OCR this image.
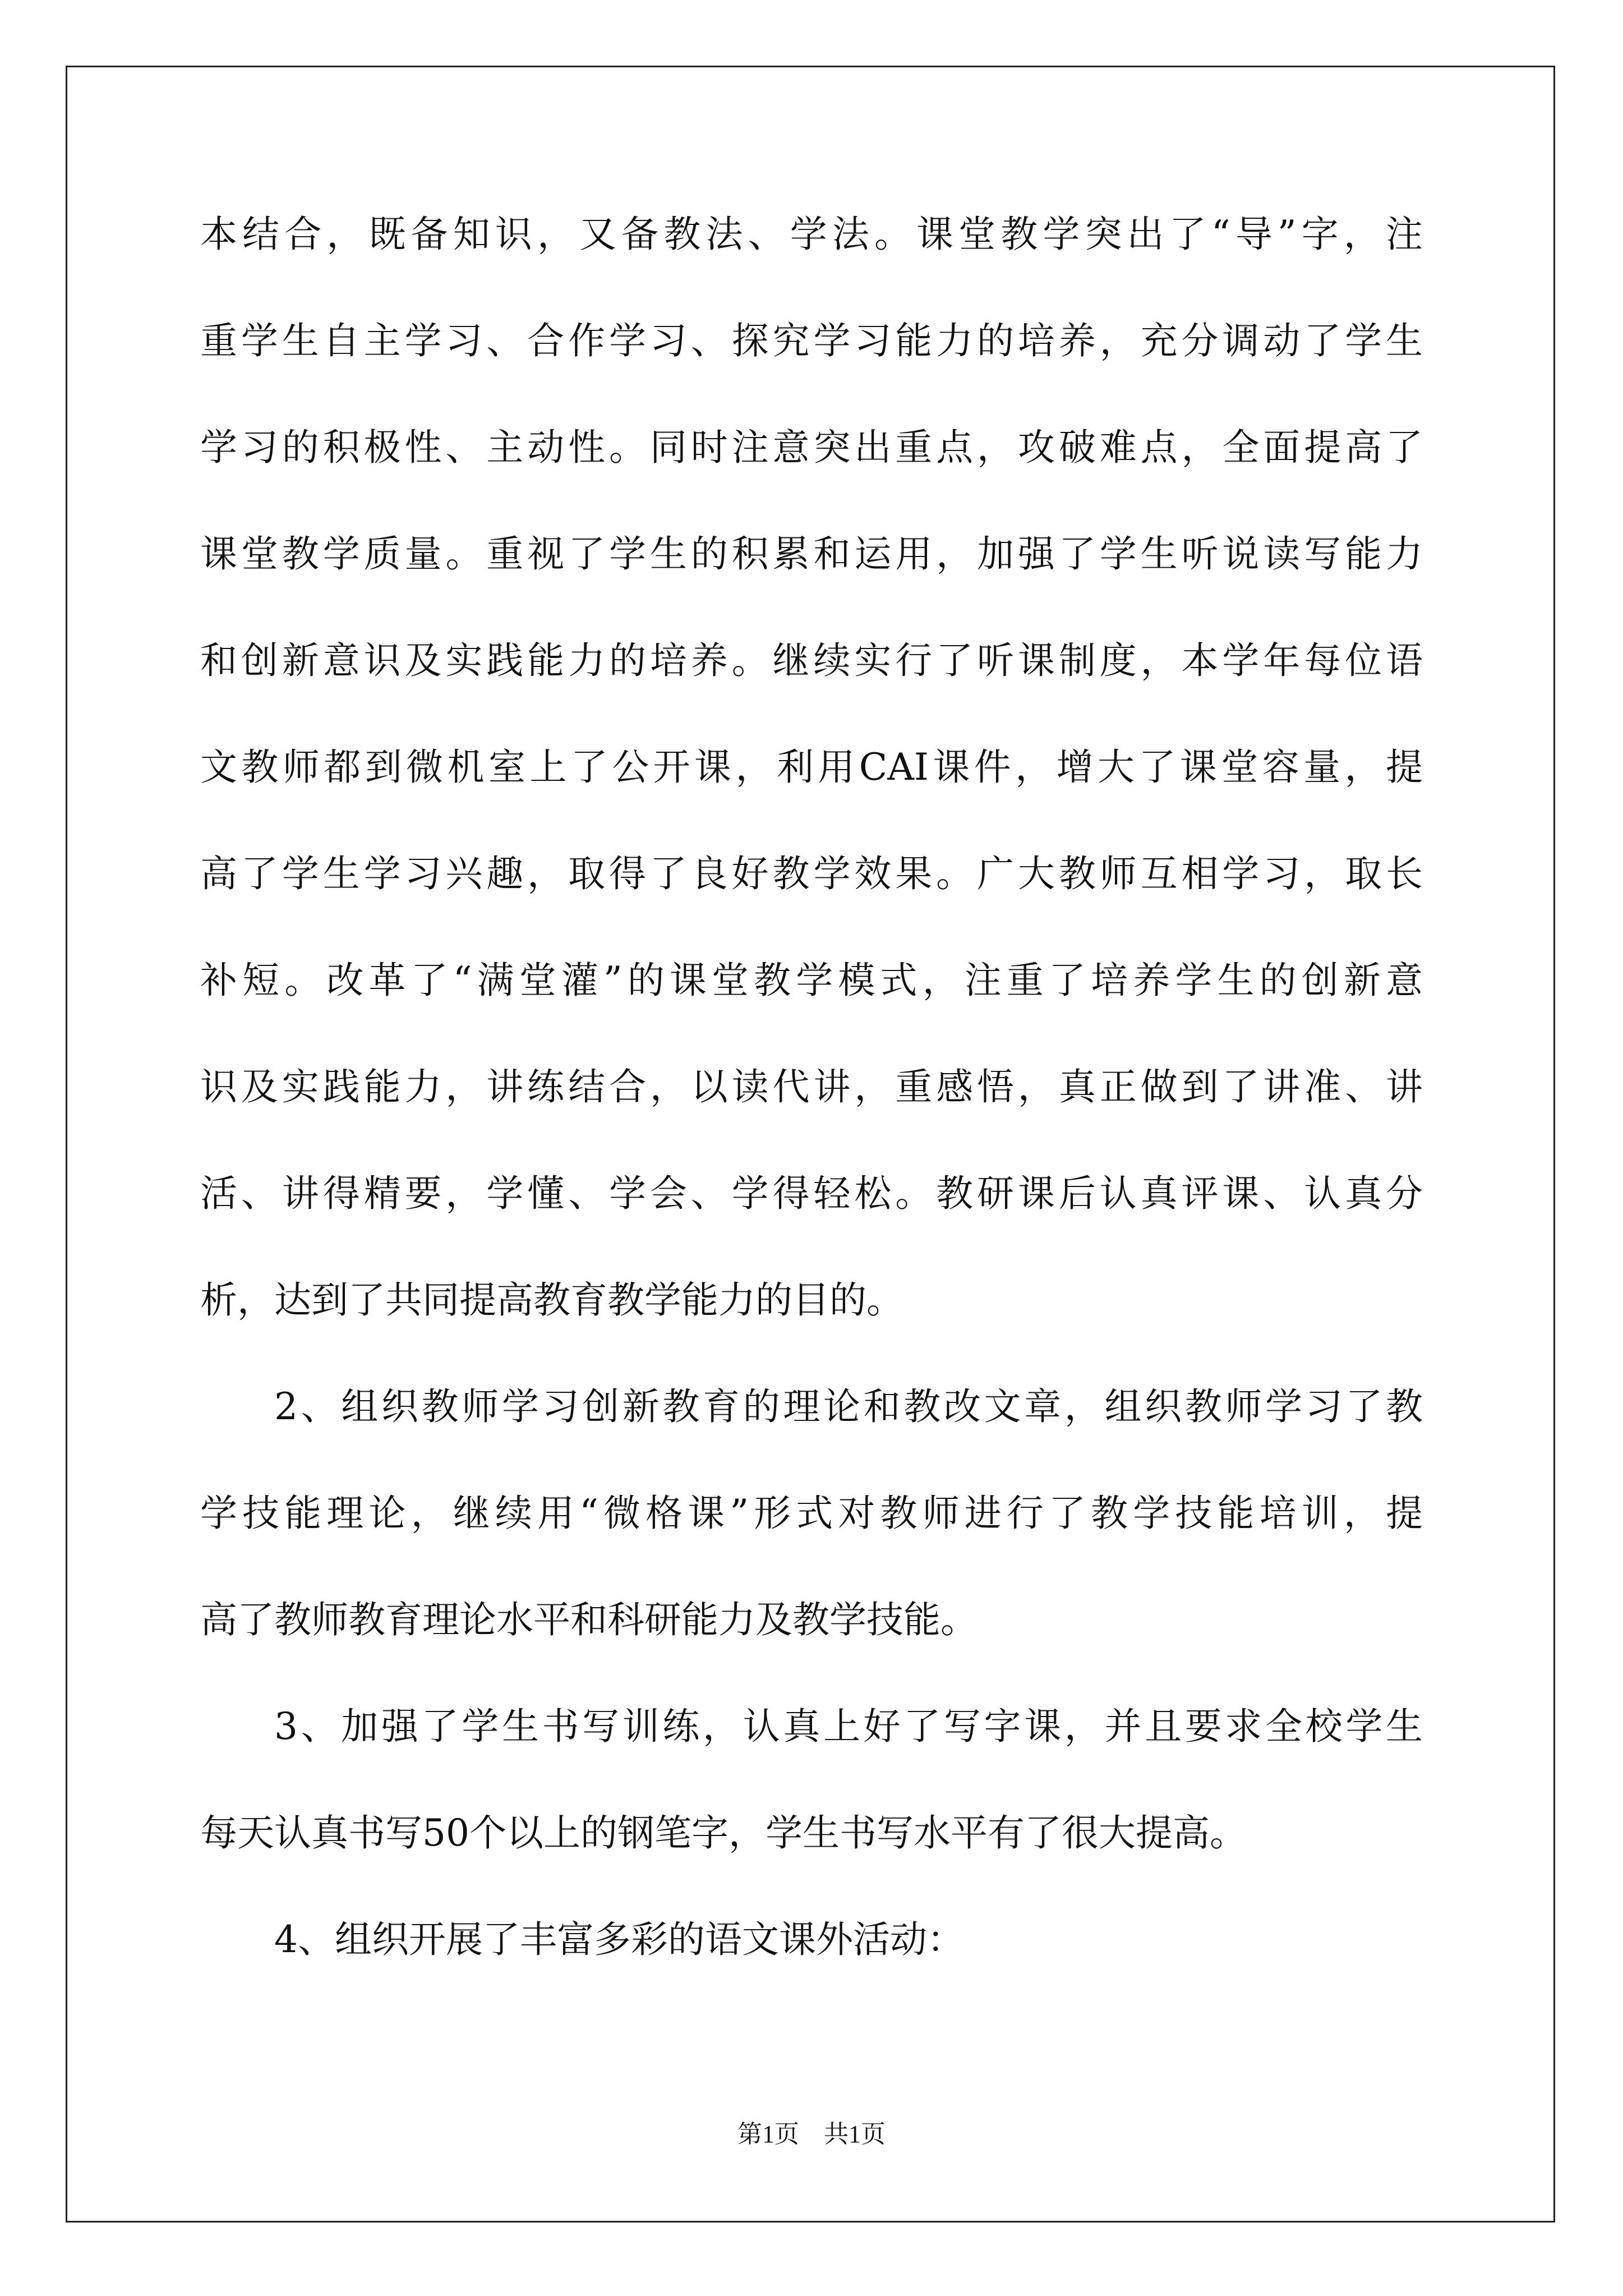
本结合，既备知识，又备教法、学法。课堂教学突出了“导”字，注
重学生自主学习、合作学习、探究学习能力的培养，充分调动了学生
学习的积极性、主动性。同时注意突出重点，攻破难点，全面提高了
课堂教学质量。重视了学生的积累和运用，加强了学生听说读写能力
和创新意识及实践能力的培养。继续实行了听课制度，本学年每位语
文教师都到微机室上了公开课，利用CAI课件，增大了课堂容量，提
高了学生学习兴趣，取得了良好教学效果。广大教师互相学习，取长
补短。改革了“满堂灌”的课堂教学模式，注重了培养学生的创新意
识及实践能力，讲练结合，以读代讲，重感悟，真正做到了讲准、讲
活、讲得精要，学懂、学会、学得轻松。教研课后认真评课、认真分
析，达到了共同提高教育教学能力的目的。
2、组织教师学习创新教育的理论和教改文章，组织教师学习了教
学技能理论，继续用“微格课”形式对教师进行了教学技能培训，提
高了教师教育理论水平和科研能力及教学技能。
3、加强了学生书写训练，认真上好了写字课，并且要求全校学生
每天认真书写50个以上的钢笔字，学生书写水平有了很大提高。
4、组织开展了丰富多彩的语文课外活动：
第1页　共1页
